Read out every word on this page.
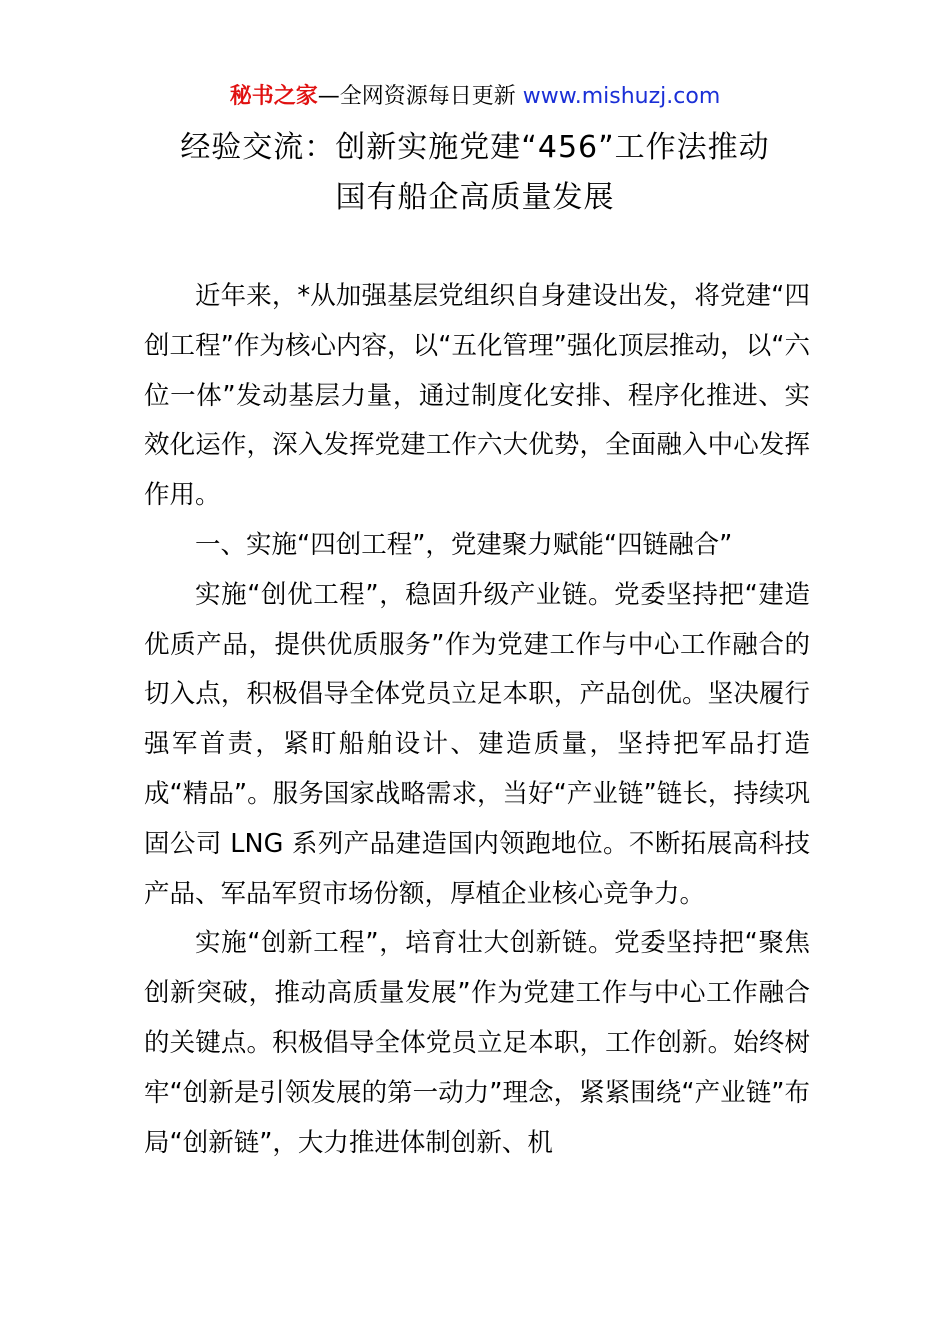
秘书之家—全网资源每日更新 www.mishuzj.com
经验交流：创新实施党建“456”工作法推动
国有船企高质量发展

近年来，*从加强基层党组织自身建设出发，将党建“四创工程”作为核心内容，以“五化管理”强化顶层推动，以“六位一体”发动基层力量，通过制度化安排、程序化推进、实效化运作，深入发挥党建工作六大优势，全面融入中心发挥作用。

一、实施“四创工程”，党建聚力赋能“四链融合”

实施“创优工程”，稳固升级产业链。党委坚持把“建造优质产品，提供优质服务”作为党建工作与中心工作融合的切入点，积极倡导全体党员立足本职，产品创优。坚决履行强军首责，紧盯船舶设计、建造质量，坚持把军品打造成“精品”。服务国家战略需求，当好“产业链”链长，持续巩固公司 LNG 系列产品建造国内领跑地位。不断拓展高科技产品、军品军贸市场份额，厚植企业核心竞争力。

实施“创新工程”，培育壮大创新链。党委坚持把“聚焦创新突破，推动高质量发展”作为党建工作与中心工作融合的关键点。积极倡导全体党员立足本职，工作创新。始终树牢“创新是引领发展的第一动力”理念，紧紧围绕“产业链”布局“创新链”，大力推进体制创新、机
